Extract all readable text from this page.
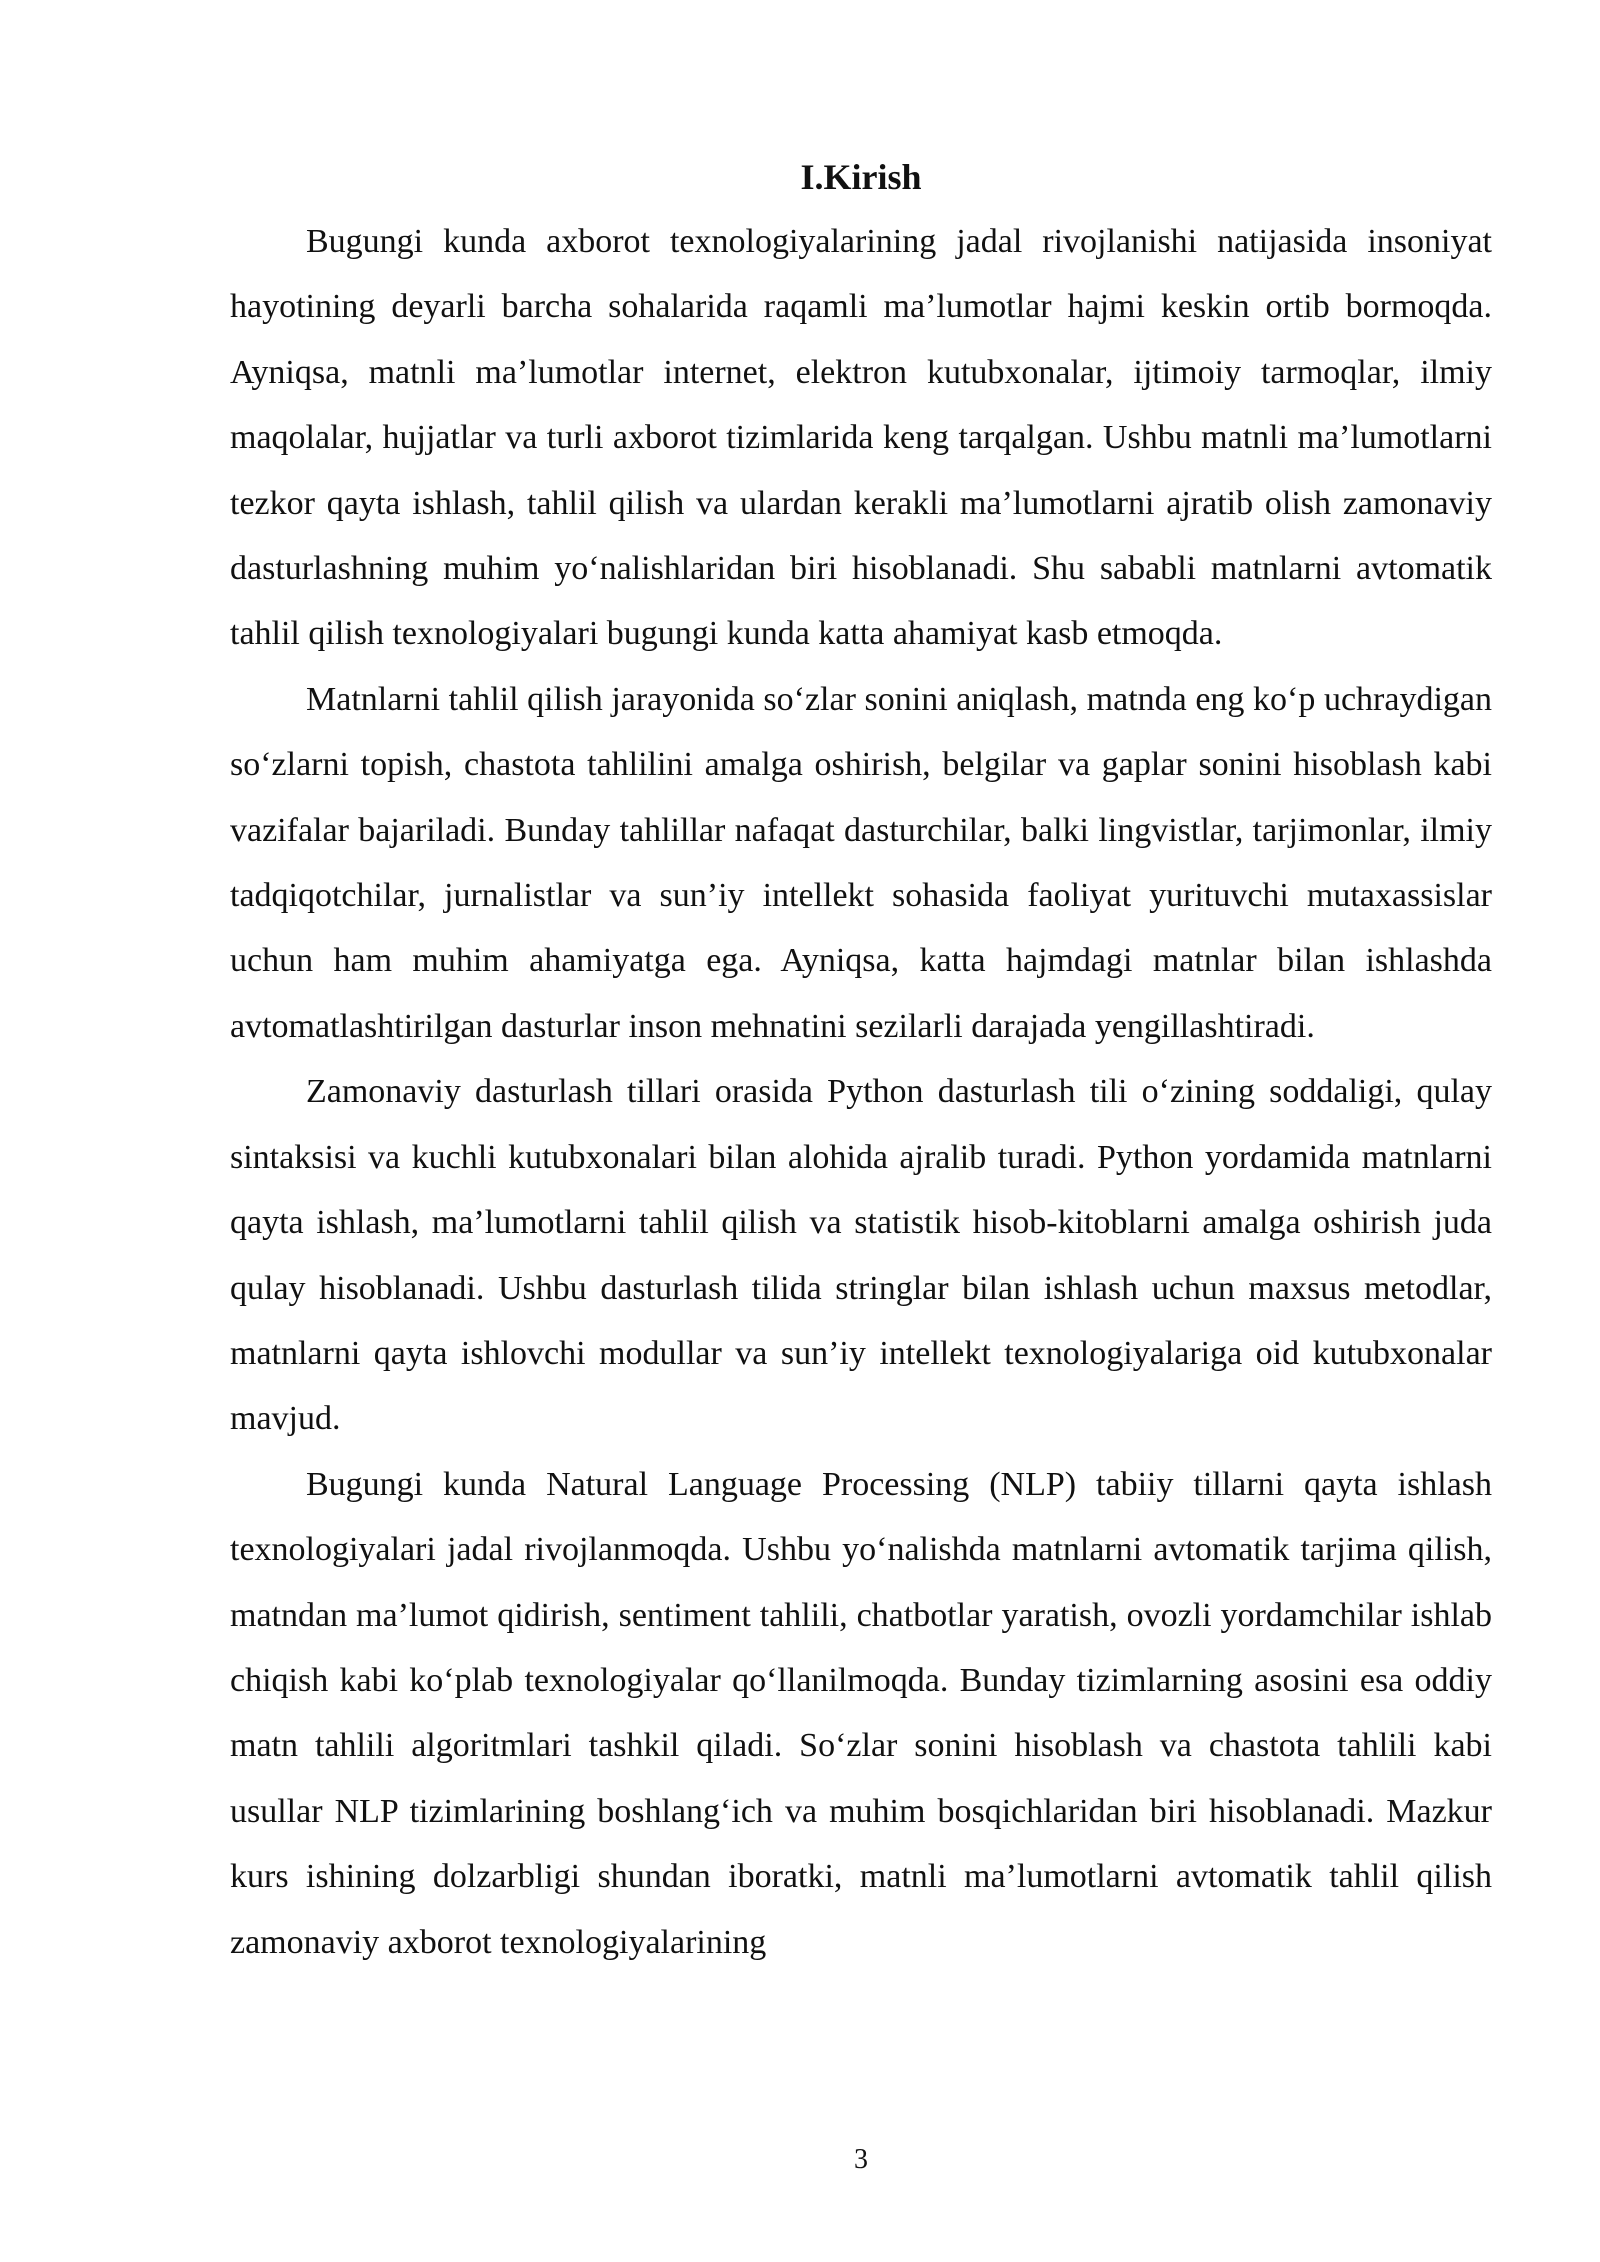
I.Kirish

Bugungi kunda axborot texnologiyalarining jadal rivojlanishi natijasida insoniyat hayotining deyarli barcha sohalarida raqamli ma’lumotlar hajmi keskin ortib bormoqda. Ayniqsa, matnli ma’lumotlar internet, elektron kutubxonalar, ijtimoiy tarmoqlar, ilmiy maqolalar, hujjatlar va turli axborot tizimlarida keng tarqalgan. Ushbu matnli ma’lumotlarni tezkor qayta ishlash, tahlil qilish va ulardan kerakli ma’lumotlarni ajratib olish zamonaviy dasturlashning muhim yo‘nalishlaridan biri hisoblanadi. Shu sababli matnlarni avtomatik tahlil qilish texnologiyalari bugungi kunda katta ahamiyat kasb etmoqda.

Matnlarni tahlil qilish jarayonida so‘zlar sonini aniqlash, matnda eng ko‘p uchraydigan so‘zlarni topish, chastota tahlilini amalga oshirish, belgilar va gaplar sonini hisoblash kabi vazifalar bajariladi. Bunday tahlillar nafaqat dasturchilar, balki lingvistlar, tarjimonlar, ilmiy tadqiqotchilar, jurnalistlar va sun’iy intellekt sohasida faoliyat yurituvchi mutaxassislar uchun ham muhim ahamiyatga ega. Ayniqsa, katta hajmdagi matnlar bilan ishlashda avtomatlashtirilgan dasturlar inson mehnatini sezilarli darajada yengillashtiradi.

Zamonaviy dasturlash tillari orasida Python dasturlash tili o‘zining soddaligi, qulay sintaksisi va kuchli kutubxonalari bilan alohida ajralib turadi. Python yordamida matnlarni qayta ishlash, ma’lumotlarni tahlil qilish va statistik hisob-kitoblarni amalga oshirish juda qulay hisoblanadi. Ushbu dasturlash tilida stringlar bilan ishlash uchun maxsus metodlar, matnlarni qayta ishlovchi modullar va sun’iy intellekt texnologiyalariga oid kutubxonalar mavjud.

Bugungi kunda Natural Language Processing (NLP) tabiiy tillarni qayta ishlash texnologiyalari jadal rivojlanmoqda. Ushbu yo‘nalishda matnlarni avtomatik tarjima qilish, matndan ma’lumot qidirish, sentiment tahlili, chatbotlar yaratish, ovozli yordamchilar ishlab chiqish kabi ko‘plab texnologiyalar qo‘llanilmoqda. Bunday tizimlarning asosini esa oddiy matn tahlili algoritmlari tashkil qiladi. So‘zlar sonini hisoblash va chastota tahlili kabi usullar NLP tizimlarining boshlang‘ich va muhim bosqichlaridan biri hisoblanadi. Mazkur kurs ishining dolzarbligi shundan iboratki, matnli ma’lumotlarni avtomatik tahlil qilish zamonaviy axborot texnologiyalarining

3
